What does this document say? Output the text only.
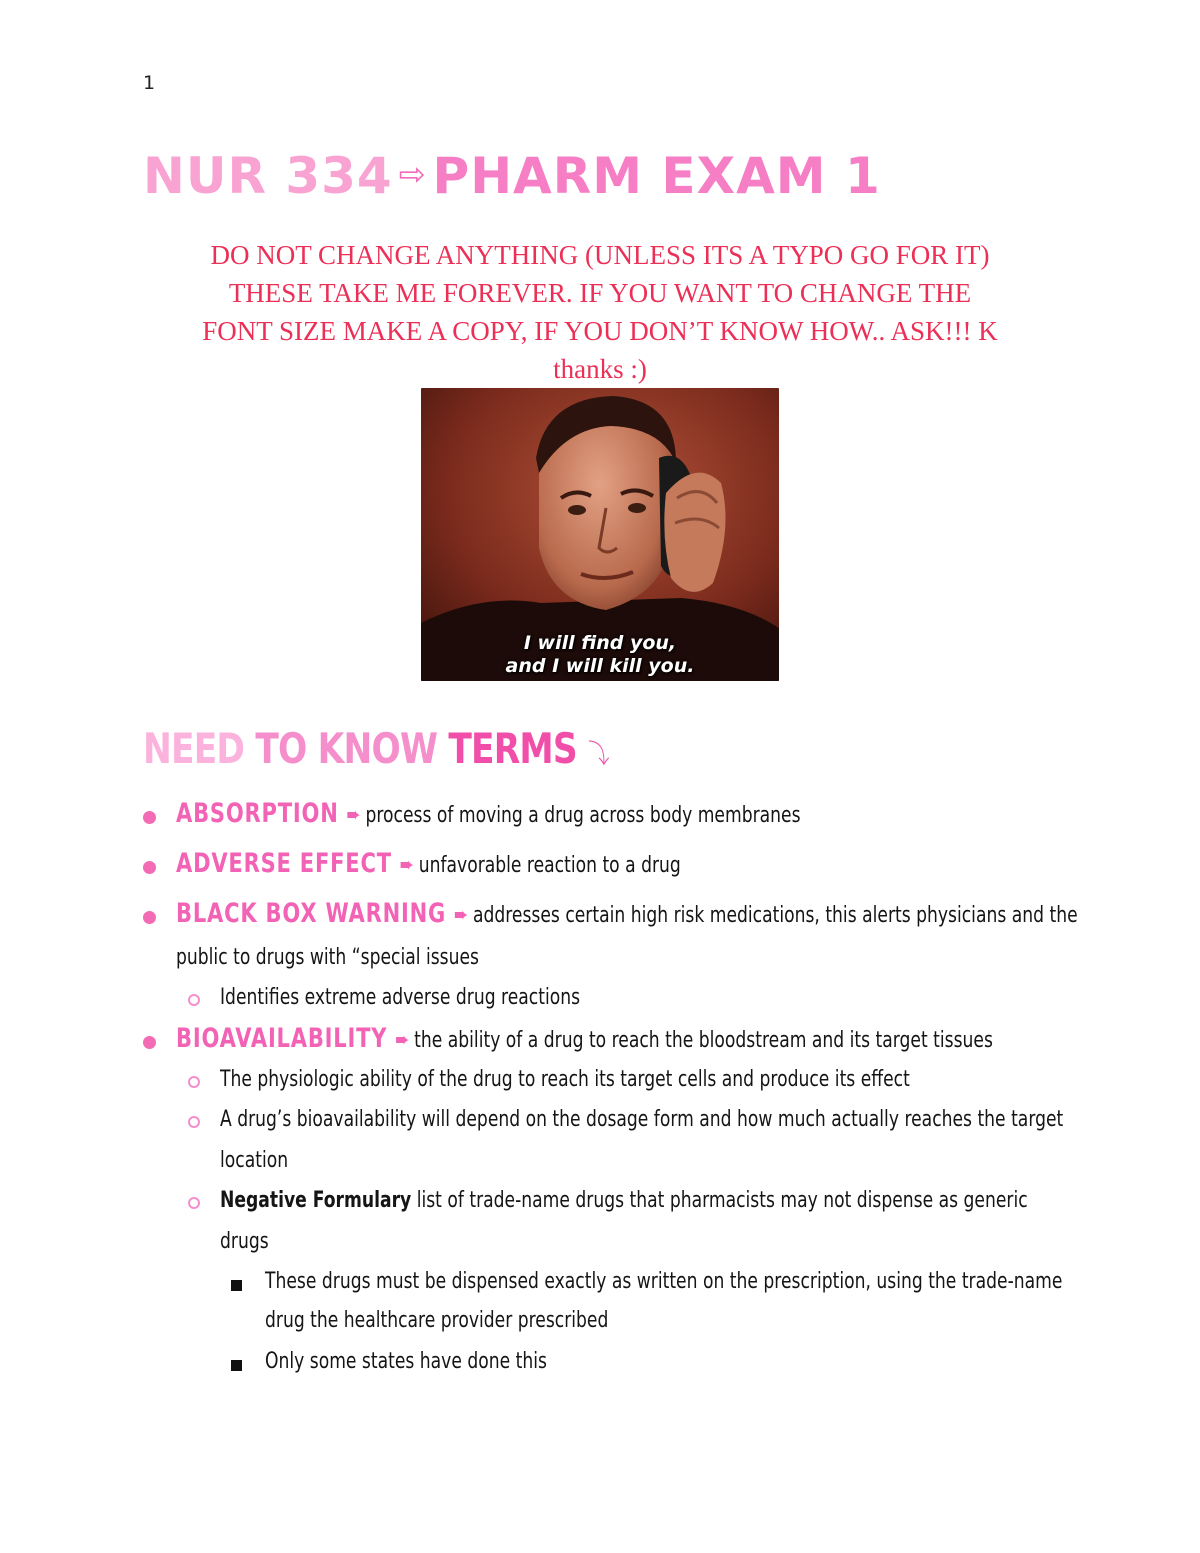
1
NUR 334 ⇨ PHARM EXAM 1
DO NOT CHANGE ANYTHING (UNLESS ITS A TYPO GO FOR IT)
THESE TAKE ME FOREVER. IF YOU WANT TO CHANGE THE
FONT SIZE MAKE A COPY, IF YOU DON’T KNOW HOW.. ASK!!! K
thanks :)
I will find you,
and I will kill you.
NEED TO KNOW TERMS ⤵
ABSORPTION ➨ process of moving a drug across body membranes
ADVERSE EFFECT ➨ unfavorable reaction to a drug
BLACK BOX WARNING ➨ addresses certain high risk medications, this alerts physicians and the
public to drugs with “special issues
Identifies extreme adverse drug reactions
BIOAVAILABILITY ➨ the ability of a drug to reach the bloodstream and its target tissues
The physiologic ability of the drug to reach its target cells and produce its effect
A drug’s bioavailability will depend on the dosage form and how much actually reaches the target
location
Negative Formulary list of trade-name drugs that pharmacists may not dispense as generic
drugs
These drugs must be dispensed exactly as written on the prescription, using the trade-name
drug the healthcare provider prescribed
Only some states have done this
